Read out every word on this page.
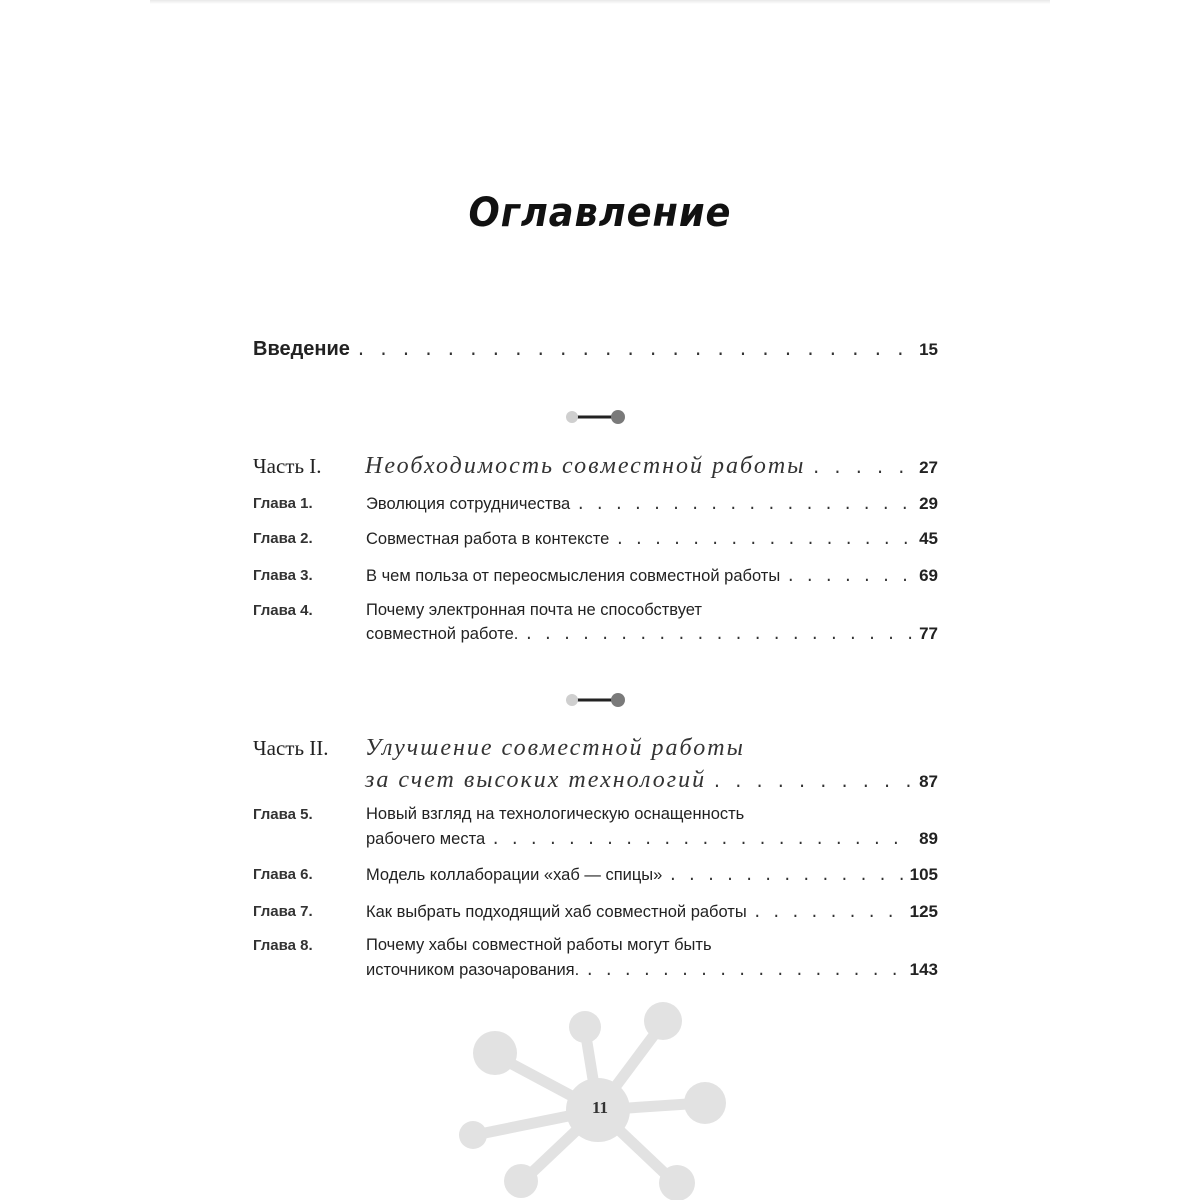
Оглавление
Введение . . .	15
Часть I.	Необходимость совместной работы . . .	27
Глава 1.	Эволюция сотрудничества . . .	29
Глава 2.	Совместная работа в контексте . . .	45
Глава 3.	В чем польза от переосмысления совместной работы . . .	69
Глава 4.	Почему электронная почта не способствует
совместной работе. . . .	77
Часть II.	Улучшение совместной работы
за счет высоких технологий . . .	87
Глава 5.	Новый взгляд на технологическую оснащенность
рабочего места . . .	89
Глава 6.	Модель коллаборации «хаб — спицы» . . .	105
Глава 7.	Как выбрать подходящий хаб совместной работы . . .	125
Глава 8.	Почему хабы совместной работы могут быть
источником разочарования. . . .	143
11
